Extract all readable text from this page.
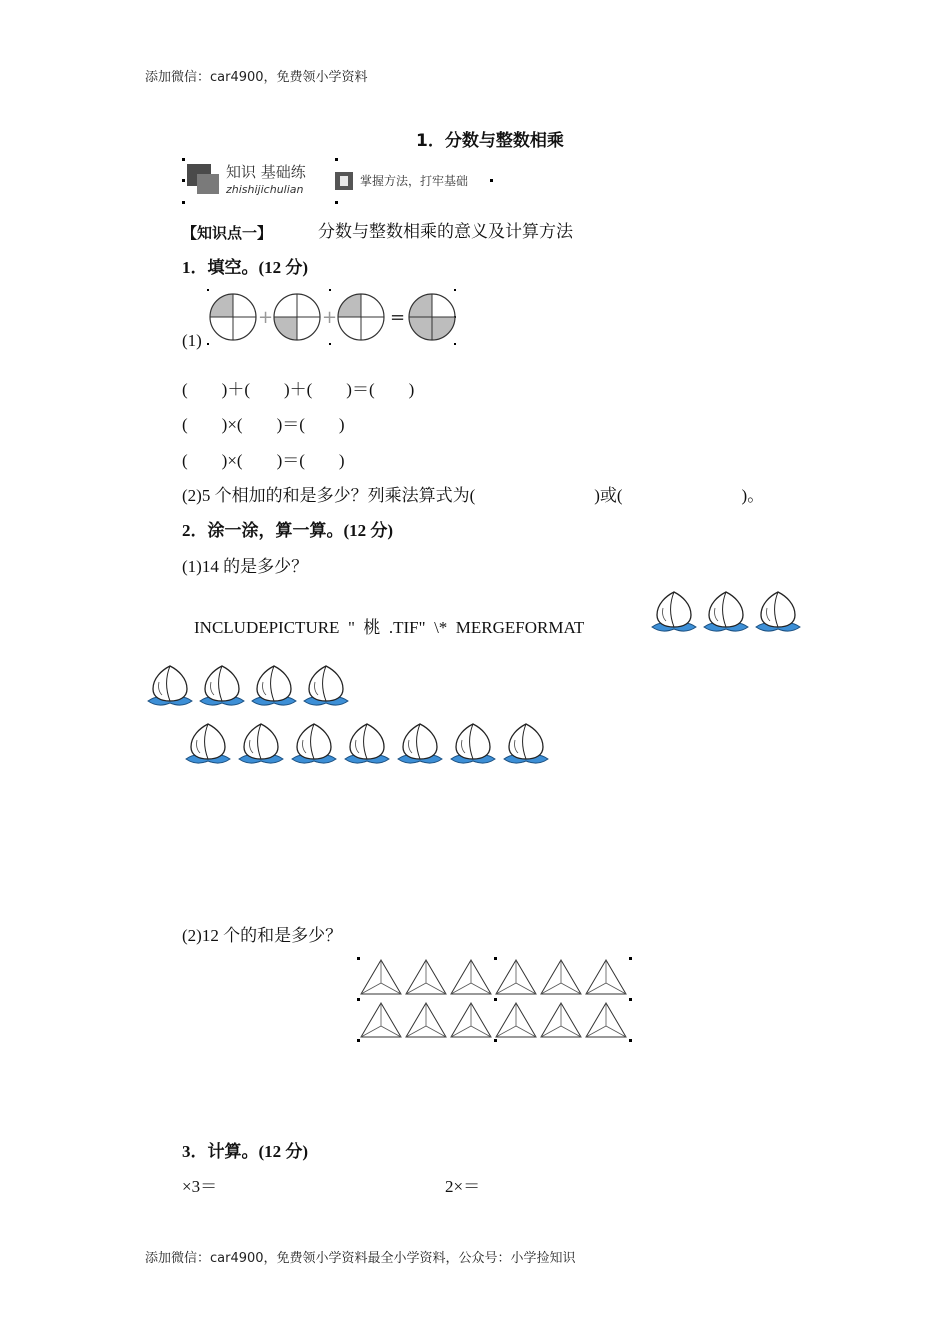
添加微信：car4900，免费领小学资料
1．分数与整数相乘
知识 基础练
zhishijichulian
掌握方法，打牢基础
【知识点一】	分数与整数相乘的意义及计算方法
1．填空。(12 分)
(1)
+	+	=
(　　)＋(　　)＋(　　)＝(　　)
(　　)×(　　)＝(　　)
(　　)×(　　)＝(　　)
(2)5 个相加的和是多少？列乘法算式为(　　　　　　　)或(　　　　　　　)。
2．涂一涂，算一算。(12 分)
(1)14 的是多少？
INCLUDEPICTURE  "  桃  .TIF"  \*  MERGEFORMAT
(2)12 个的和是多少？
3．计算。(12 分)
×3＝	2×＝
添加微信：car4900，免费领小学资料最全小学资料，公众号：小学捡知识
